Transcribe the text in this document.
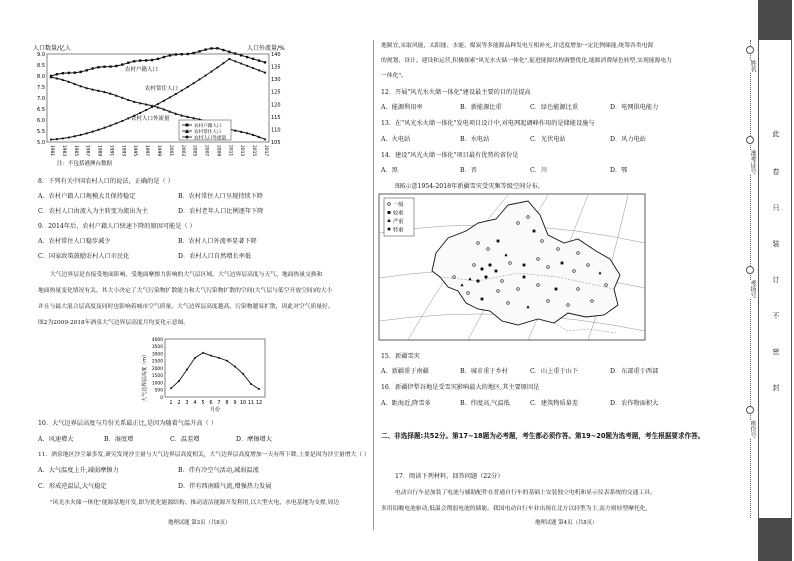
人口数量/亿人	人口外流量/%
9.0
8.5
8.0
7.5
7.0
6.5
6.0
5.5
5.0
140
135
130
125
120
115
110
105
1981 1983 1985 1987 1989 1991 1993 1995 1997 1999 2001 2003 2005 2007 2009 2011 2013 2015 2017
农村户籍人口
农村常住人口
农村人口外流量
农村户籍人口
农村常住人口
农村人口外流量
注：不包括港澳台数据
8．下列有关中国农村人口的说法，正确的是（ ）
A．农村户籍人口规模大且保持稳定	B．农村常住人口呈现持续下降
C．农村人口由流入为主转变为流出为主	D．农村老年人口比例逐年下降
9．2014年后，农村户籍人口快速下降的原因可能是（ ）
A．农村常住人口稳步减少	B．农村人口外流率显著下降
C．国家政策鼓励农村人口市民化	D．农村人口自然增长率低
大气边界层是直接受地面影响、受地面摩擦力影响的大气层区域。大气边界层高度与天气、地面热量交换和
地面热量变化情况有关，其大小决定了大气污染物扩散能力和大气污染物扩散的空间(大气层与低空开放空间)的大小
并且与最大混合层高度及同时也影响着城市空气质量。大气边界层高度越高，污染物越易扩散，因此对空气质量好。
图2为2009-2018年酒泉大气边界层高度月均变化示意图。
大气边界层高度（m）
4000
3500
3000
2500
2000
1500
1000
500
0
1 2 3 4 5 6 7 8 9 10 11 12
月份
10．大气边界层高度与月份关系最正比,是因为随着气温升高（ ）
A．风速增大	B．湿度增	C．温差增	D．摩擦增大
11．酒泉地区沙尘暴多发,研究发现沙尘量与大气边界层高度相关，大气边界层高度增加一天有所下降,上要是因为沙尘量增大（ ）
A．大气温度上升,减弱摩擦力	B．伴有冷空气活动,减弱温流
C．形成逆温层,大气稳定	D．伴有西南暖气流,增强热力发展
"风光水火储一体化"能源基地开发,即为优化能源结构、推动清洁能源开发利用,以大型火电、水电基地为支撑,周边
地理试题 第3页（共8页）
地制宜,采取风能、太阳能、水能、煤炭等多能源品种发电互相补充,并适度增加一定比例储能,统筹各类电源
的规划、设计、建设和运营,积极探索"风光水火储一体化",促进能源结构调整优化,能源消费绿色转型,实现能源电力
一体化"。
12．开展"风光水火储一体化"建设最主要的目的是提高
A．能源利用率	B．新能源比重	C．绿色能源比重	D．电网供电能力
13．在"风光水火储一体化"发电项目设计中,对电网起调峰作用的是储能设施与
A．火电站	B．水电站	C．光伏电站	D．风力电站
14．建设"风光火储一体化"项目最有优势的省份是
A．黑	B．晋	C．川	D．鄂
图6示意1954-2018年新疆雪灾受灾频等级空间分布。
一般
较重
严重
特重
15．新疆雪灾
A．新疆重于南疆	B．城市重于乡村	C．山上重于山下	D．东部重于西部
16．新疆伊犁谷地是受雪灾影响最大的地区,其主要原因是
A．距海近,降雪多	B．纬度高,气温低	C．建筑物质量差	D．农作物面积大
二、非选择题:共52分。第17~18题为必考题，考生都必须作答。第19~20题为选考题，考生根据要求作答。
17．阅读下列材料，回答问题（22分）
电动自行车是加装了电池与辅助配件在普通自行车的基础上安装独立电机和显示仪表系统的交通工具，
多用铅酸电池驱动,低温会削弱电池的储能。我国电动自行车业出现在北方以轻型为主,南方则轻型摩托化,
地理试题 第4页（共8页）
此
卷
只
装
订
不
密
封
姓名
准考证号
考场号
座位号
